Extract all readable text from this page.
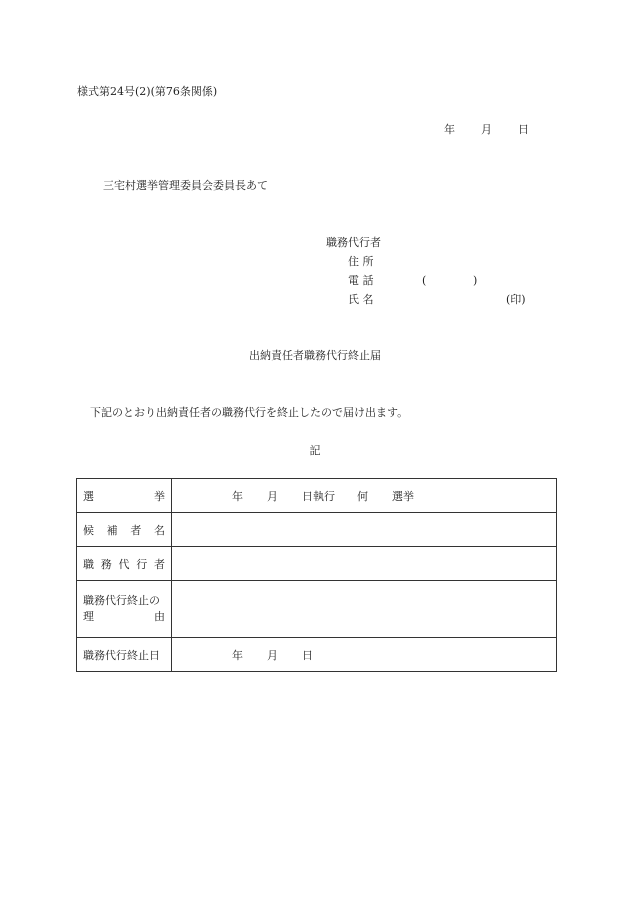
様式第24号(2)(第76条関係)
年 月 日
三宅村選挙管理委員会委員長あて
職務代行者
住 所
電 話	(	)
氏 名	(印)
出納責任者職務代行終止届
下記のとおり出納責任者の職務代行を終止したので届け出ます。
記
選 挙	年 月 日執行 何 選挙

候 補 者 名	

職 務 代 行 者	

職務代行終止の
理 由	

職務代行終止日	年 月 日
